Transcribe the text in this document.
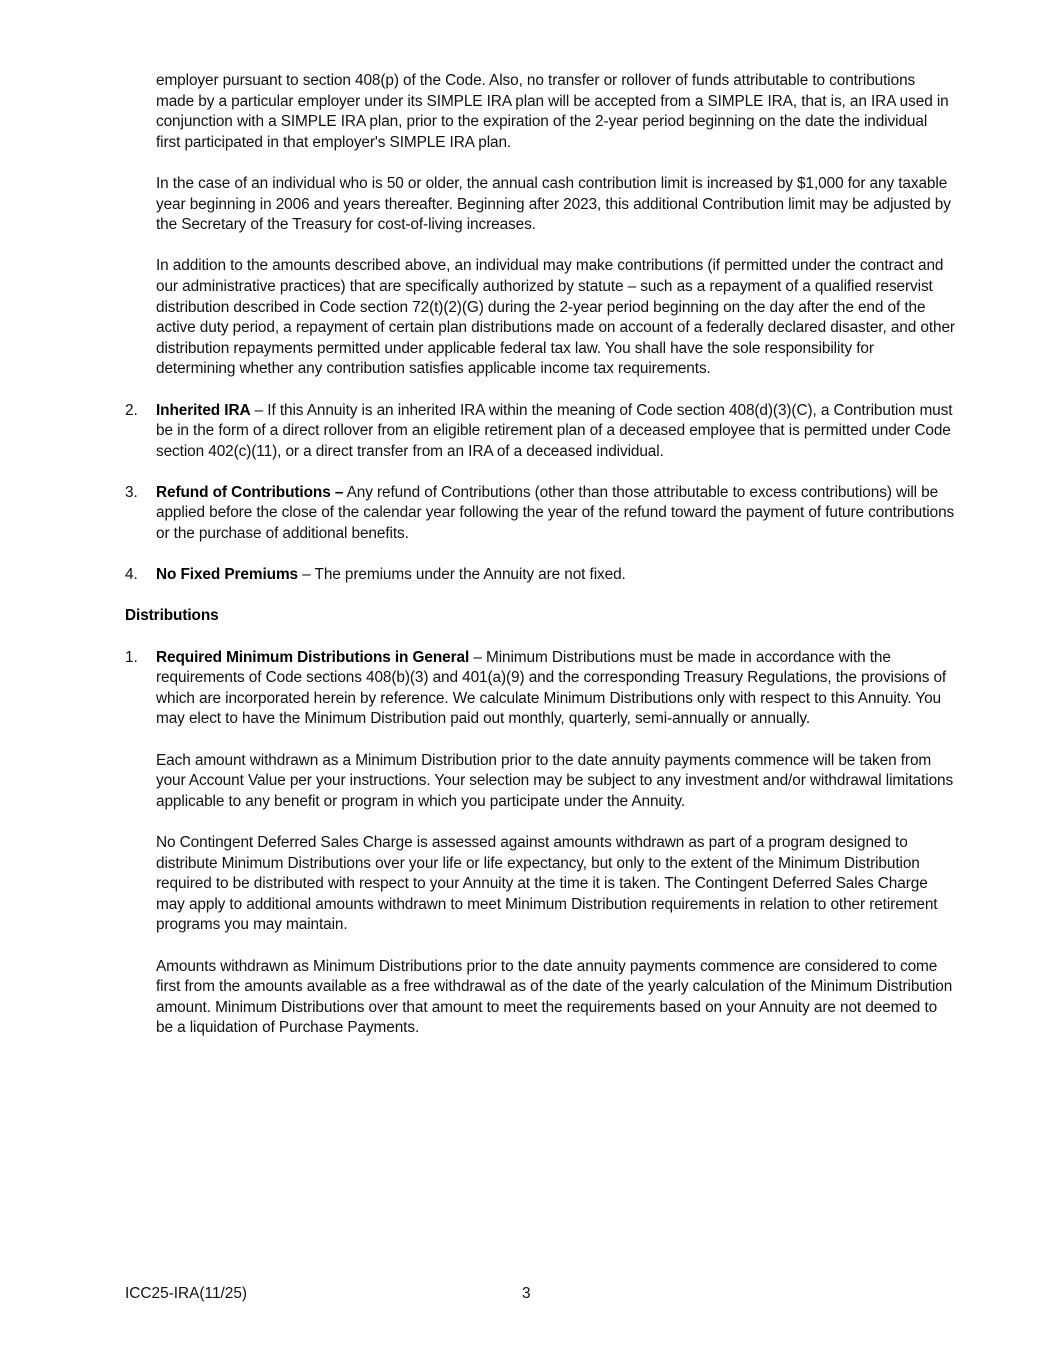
employer pursuant to section 408(p) of the Code. Also, no transfer or rollover of funds attributable to contributions made by a particular employer under its SIMPLE IRA plan will be accepted from a SIMPLE IRA, that is, an IRA used in conjunction with a SIMPLE IRA plan, prior to the expiration of the 2-year period beginning on the date the individual first participated in that employer's SIMPLE IRA plan.

In the case of an individual who is 50 or older, the annual cash contribution limit is increased by $1,000 for any taxable year beginning in 2006 and years thereafter. Beginning after 2023, this additional Contribution limit may be adjusted by the Secretary of the Treasury for cost-of-living increases.

In addition to the amounts described above, an individual may make contributions (if permitted under the contract and our administrative practices) that are specifically authorized by statute – such as a repayment of a qualified reservist distribution described in Code section 72(t)(2)(G) during the 2-year period beginning on the day after the end of the active duty period, a repayment of certain plan distributions made on account of a federally declared disaster, and other distribution repayments permitted under applicable federal tax law. You shall have the sole responsibility for determining whether any contribution satisfies applicable income tax requirements.

2. Inherited IRA – If this Annuity is an inherited IRA within the meaning of Code section 408(d)(3)(C), a Contribution must be in the form of a direct rollover from an eligible retirement plan of a deceased employee that is permitted under Code section 402(c)(11), or a direct transfer from an IRA of a deceased individual.

3. Refund of Contributions – Any refund of Contributions (other than those attributable to excess contributions) will be applied before the close of the calendar year following the year of the refund toward the payment of future contributions or the purchase of additional benefits.

4. No Fixed Premiums – The premiums under the Annuity are not fixed.

Distributions
1. Required Minimum Distributions in General – Minimum Distributions must be made in accordance with the requirements of Code sections 408(b)(3) and 401(a)(9) and the corresponding Treasury Regulations, the provisions of which are incorporated herein by reference. We calculate Minimum Distributions only with respect to this Annuity. You may elect to have the Minimum Distribution paid out monthly, quarterly, semi-annually or annually.

Each amount withdrawn as a Minimum Distribution prior to the date annuity payments commence will be taken from your Account Value per your instructions. Your selection may be subject to any investment and/or withdrawal limitations applicable to any benefit or program in which you participate under the Annuity.

No Contingent Deferred Sales Charge is assessed against amounts withdrawn as part of a program designed to distribute Minimum Distributions over your life or life expectancy, but only to the extent of the Minimum Distribution required to be distributed with respect to your Annuity at the time it is taken. The Contingent Deferred Sales Charge may apply to additional amounts withdrawn to meet Minimum Distribution requirements in relation to other retirement programs you may maintain.

Amounts withdrawn as Minimum Distributions prior to the date annuity payments commence are considered to come first from the amounts available as a free withdrawal as of the date of the yearly calculation of the Minimum Distribution amount. Minimum Distributions over that amount to meet the requirements based on your Annuity are not deemed to be a liquidation of Purchase Payments.

ICC25-IRA(11/25)	3
